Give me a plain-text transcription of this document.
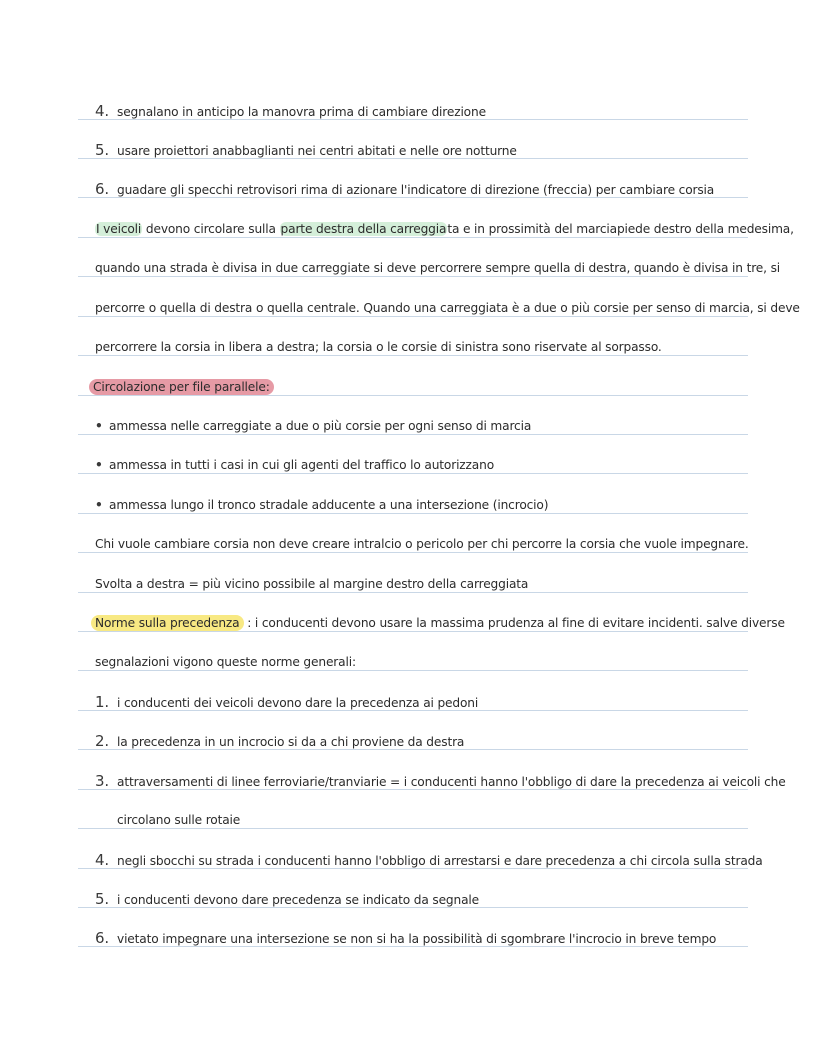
4. segnalano in anticipo la manovra prima di cambiare direzione
5. usare proiettori anabbaglianti nei centri abitati e nelle ore notturne
6. guadare gli specchi retrovisori rima di azionare l'indicatore di direzione (freccia) per cambiare corsia
I veicoli devono circolare sulla parte destra della carreggiata e in prossimità del marciapiede destro della medesima,
quando una strada è divisa in due carreggiate si deve percorrere sempre quella di destra, quando è divisa in tre, si
percorre o quella di destra o quella centrale. Quando una carreggiata è a due o più corsie per senso di marcia, si deve
percorrere la corsia in libera a destra; la corsia o le corsie di sinistra sono riservate al sorpasso.
Circolazione per file parallele:
• ammessa nelle carreggiate a due o più corsie per ogni senso di marcia
• ammessa in tutti i casi in cui gli agenti del traffico lo autorizzano
• ammessa lungo il tronco stradale adducente a una intersezione (incrocio)
Chi vuole cambiare corsia non deve creare intralcio o pericolo per chi percorre la corsia che vuole impegnare.
Svolta a destra = più vicino possibile al margine destro della carreggiata
Norme sulla precedenza : i conducenti devono usare la massima prudenza al fine di evitare incidenti. salve diverse
segnalazioni vigono queste norme generali:
1. i conducenti dei veicoli devono dare la precedenza ai pedoni
2. la precedenza in un incrocio si da a chi proviene da destra
3. attraversamenti di linee ferroviarie/tranviarie = i conducenti hanno l'obbligo di dare la precedenza ai veicoli che
circolano sulle rotaie
4. negli sbocchi su strada i conducenti hanno l'obbligo di arrestarsi e dare precedenza a chi circola sulla strada
5. i conducenti devono dare precedenza se indicato da segnale
6. vietato impegnare una intersezione se non si ha la possibilità di sgombrare l'incrocio in breve tempo
